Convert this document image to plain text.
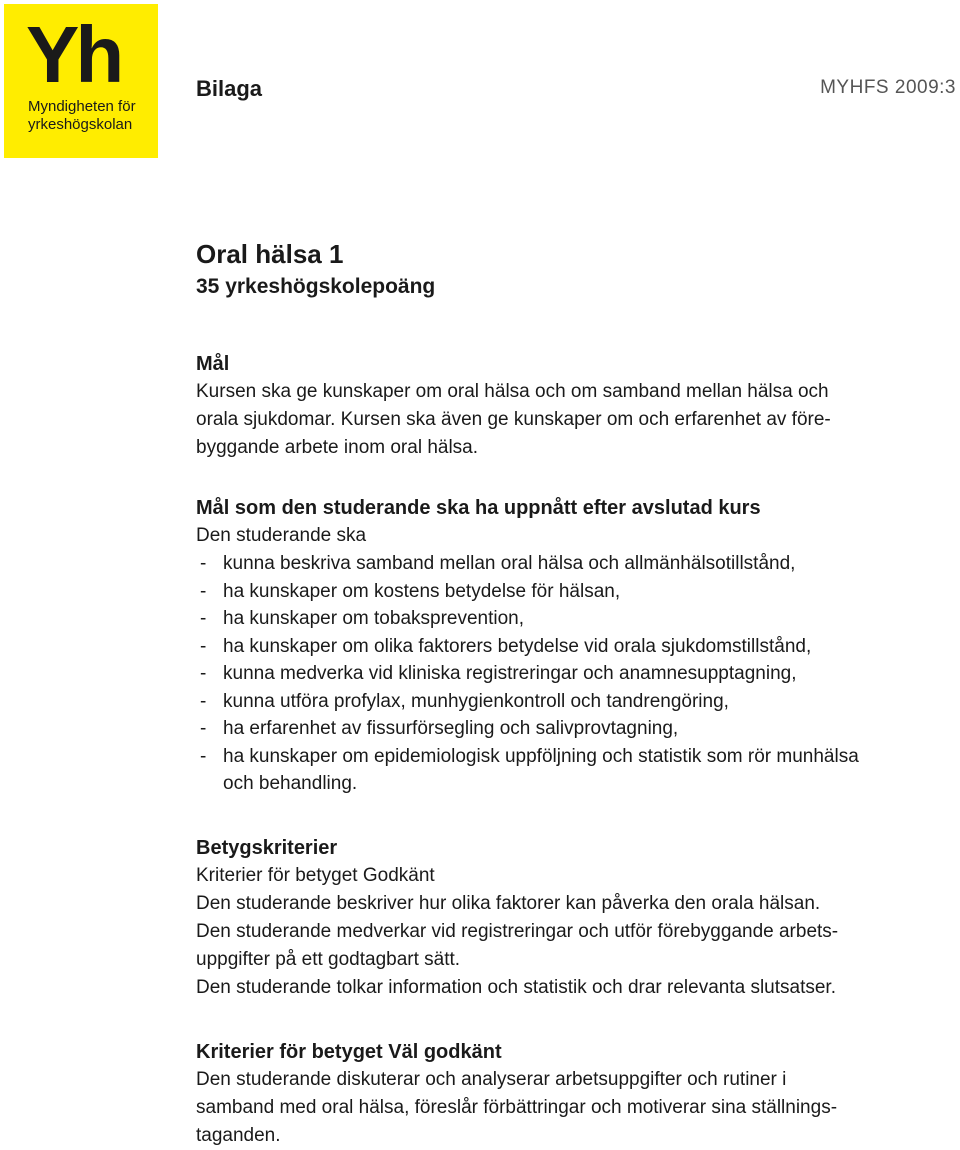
Yh
Myndigheten för
yrkeshögskolan
Bilaga	MYHFS 2009:3
Oral hälsa 1
35 yrkeshögskolepoäng
Mål
Kursen ska ge kunskaper om oral hälsa och om samband mellan hälsa och
orala sjukdomar. Kursen ska även ge kunskaper om och erfarenhet av före-
byggande arbete inom oral hälsa.
Mål som den studerande ska ha uppnått efter avslutad kurs
Den studerande ska
- kunna beskriva samband mellan oral hälsa och allmänhälsotillstånd,
- ha kunskaper om kostens betydelse för hälsan,
- ha kunskaper om tobaksprevention,
- ha kunskaper om olika faktorers betydelse vid orala sjukdomstillstånd,
- kunna medverka vid kliniska registreringar och anamnesupptagning,
- kunna utföra profylax, munhygienkontroll och tandrengöring,
- ha erfarenhet av fissurförsegling och salivprovtagning,
- ha kunskaper om epidemiologisk uppföljning och statistik som rör munhälsa och behandling.
Betygskriterier
Kriterier för betyget Godkänt
Den studerande beskriver hur olika faktorer kan påverka den orala hälsan.
Den studerande medverkar vid registreringar och utför förebyggande arbets-
uppgifter på ett godtagbart sätt.
Den studerande tolkar information och statistik och drar relevanta slutsatser.
Kriterier för betyget Väl godkänt
Den studerande diskuterar och analyserar arbetsuppgifter och rutiner i
samband med oral hälsa, föreslår förbättringar och motiverar sina ställnings-
taganden.
